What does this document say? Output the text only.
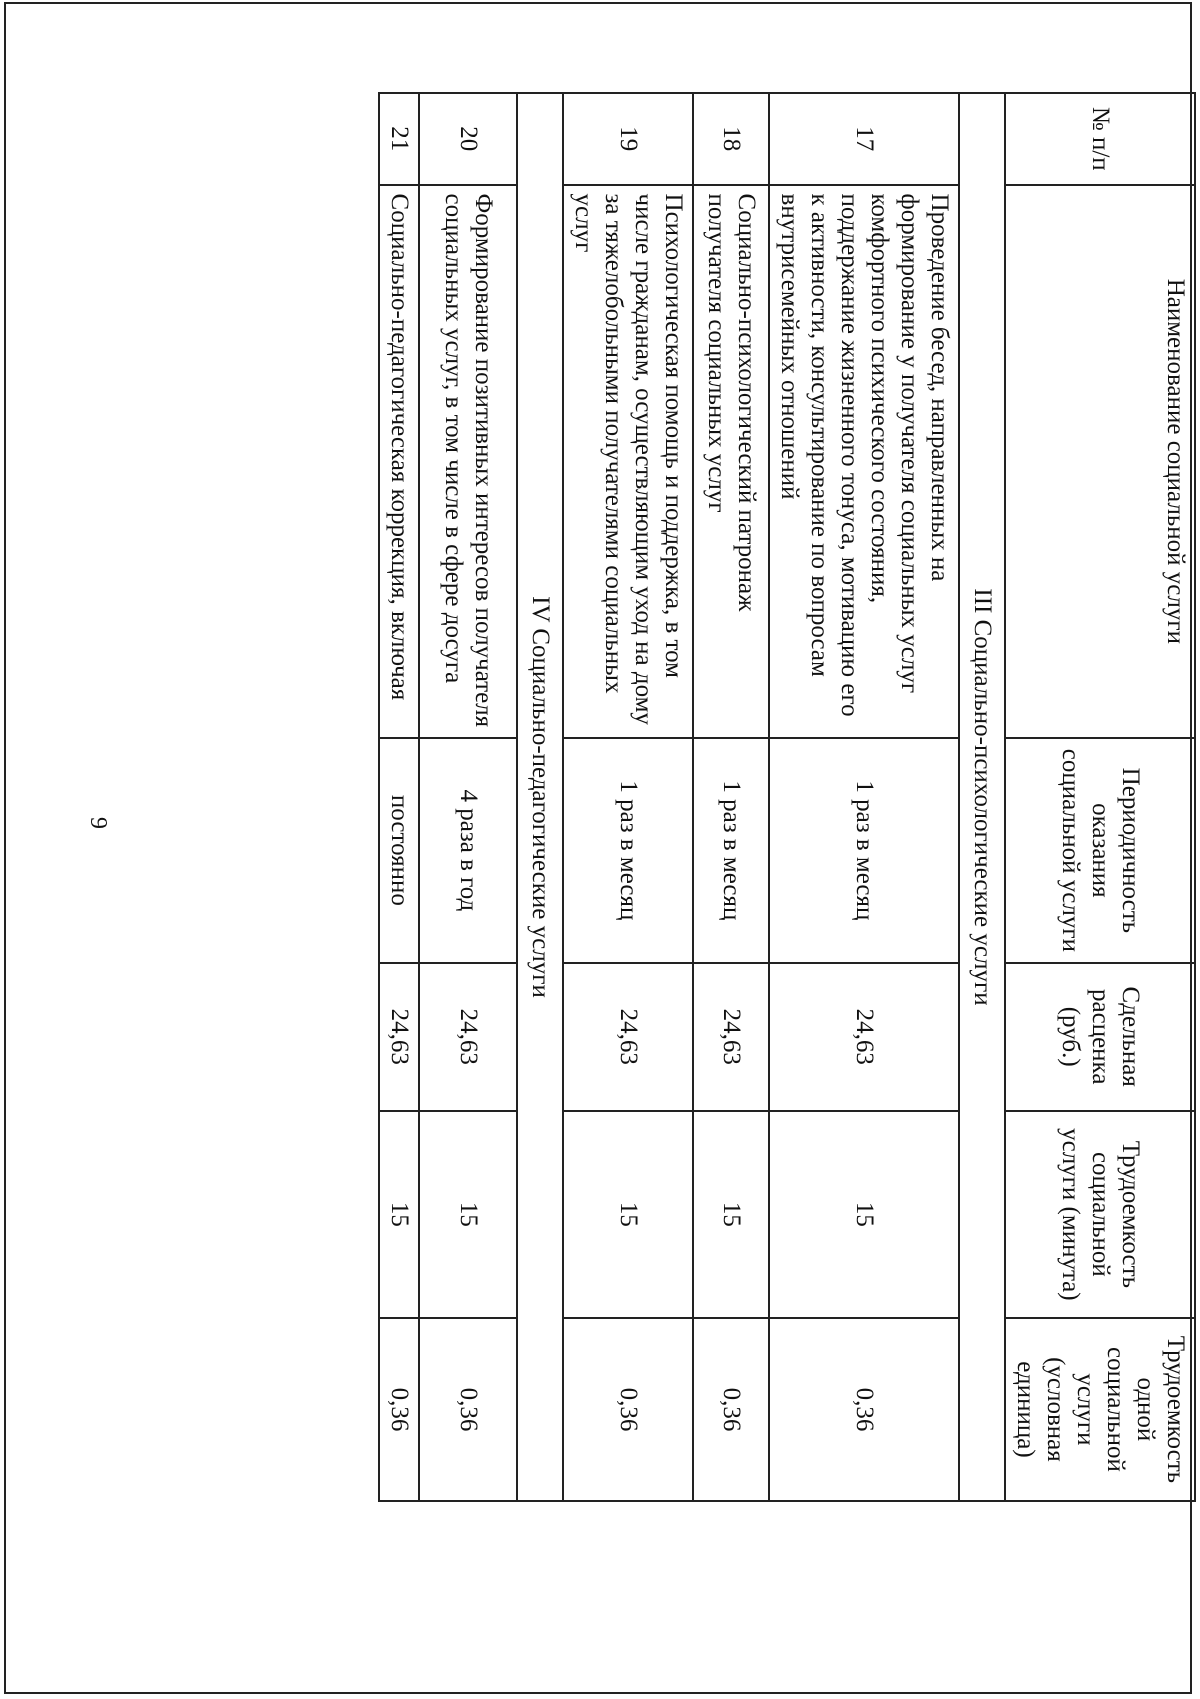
9
№ п/п	Наименование социальной услуги	Периодичность оказания социальной услуги	Сдельная расценка (руб.)	Трудоемкость социальной услуги (минута)	Трудоемкость одной социальной услуги (условная единица)
III Социально-психологические услуги					
17	Проведение бесед, направленных на формирование у получателя социальных услуг комфортного психического состояния, поддержание жизненного тонуса, мотивацию его к активности, консультирование по вопросам внутрисемейных отношений	1 раз в месяц	24,63	15	0,36
18	Социально-психологический патронаж получателя социальных услуг	1 раз в месяц	24,63	15	0,36
19	Психологическая помощь и поддержка, в том числе гражданам, осуществляющим уход на дому за тяжелобольными получателями социальных услуг	1 раз в месяц	24,63	15	0,36
IV Социально-педагогические услуги					
20	Формирование позитивных интересов получателя социальных услуг, в том числе в сфере досуга	4 раза в год	24,63	15	0,36
21	Социально-педагогическая коррекция, включая	постоянно	24,63	15	0,36
